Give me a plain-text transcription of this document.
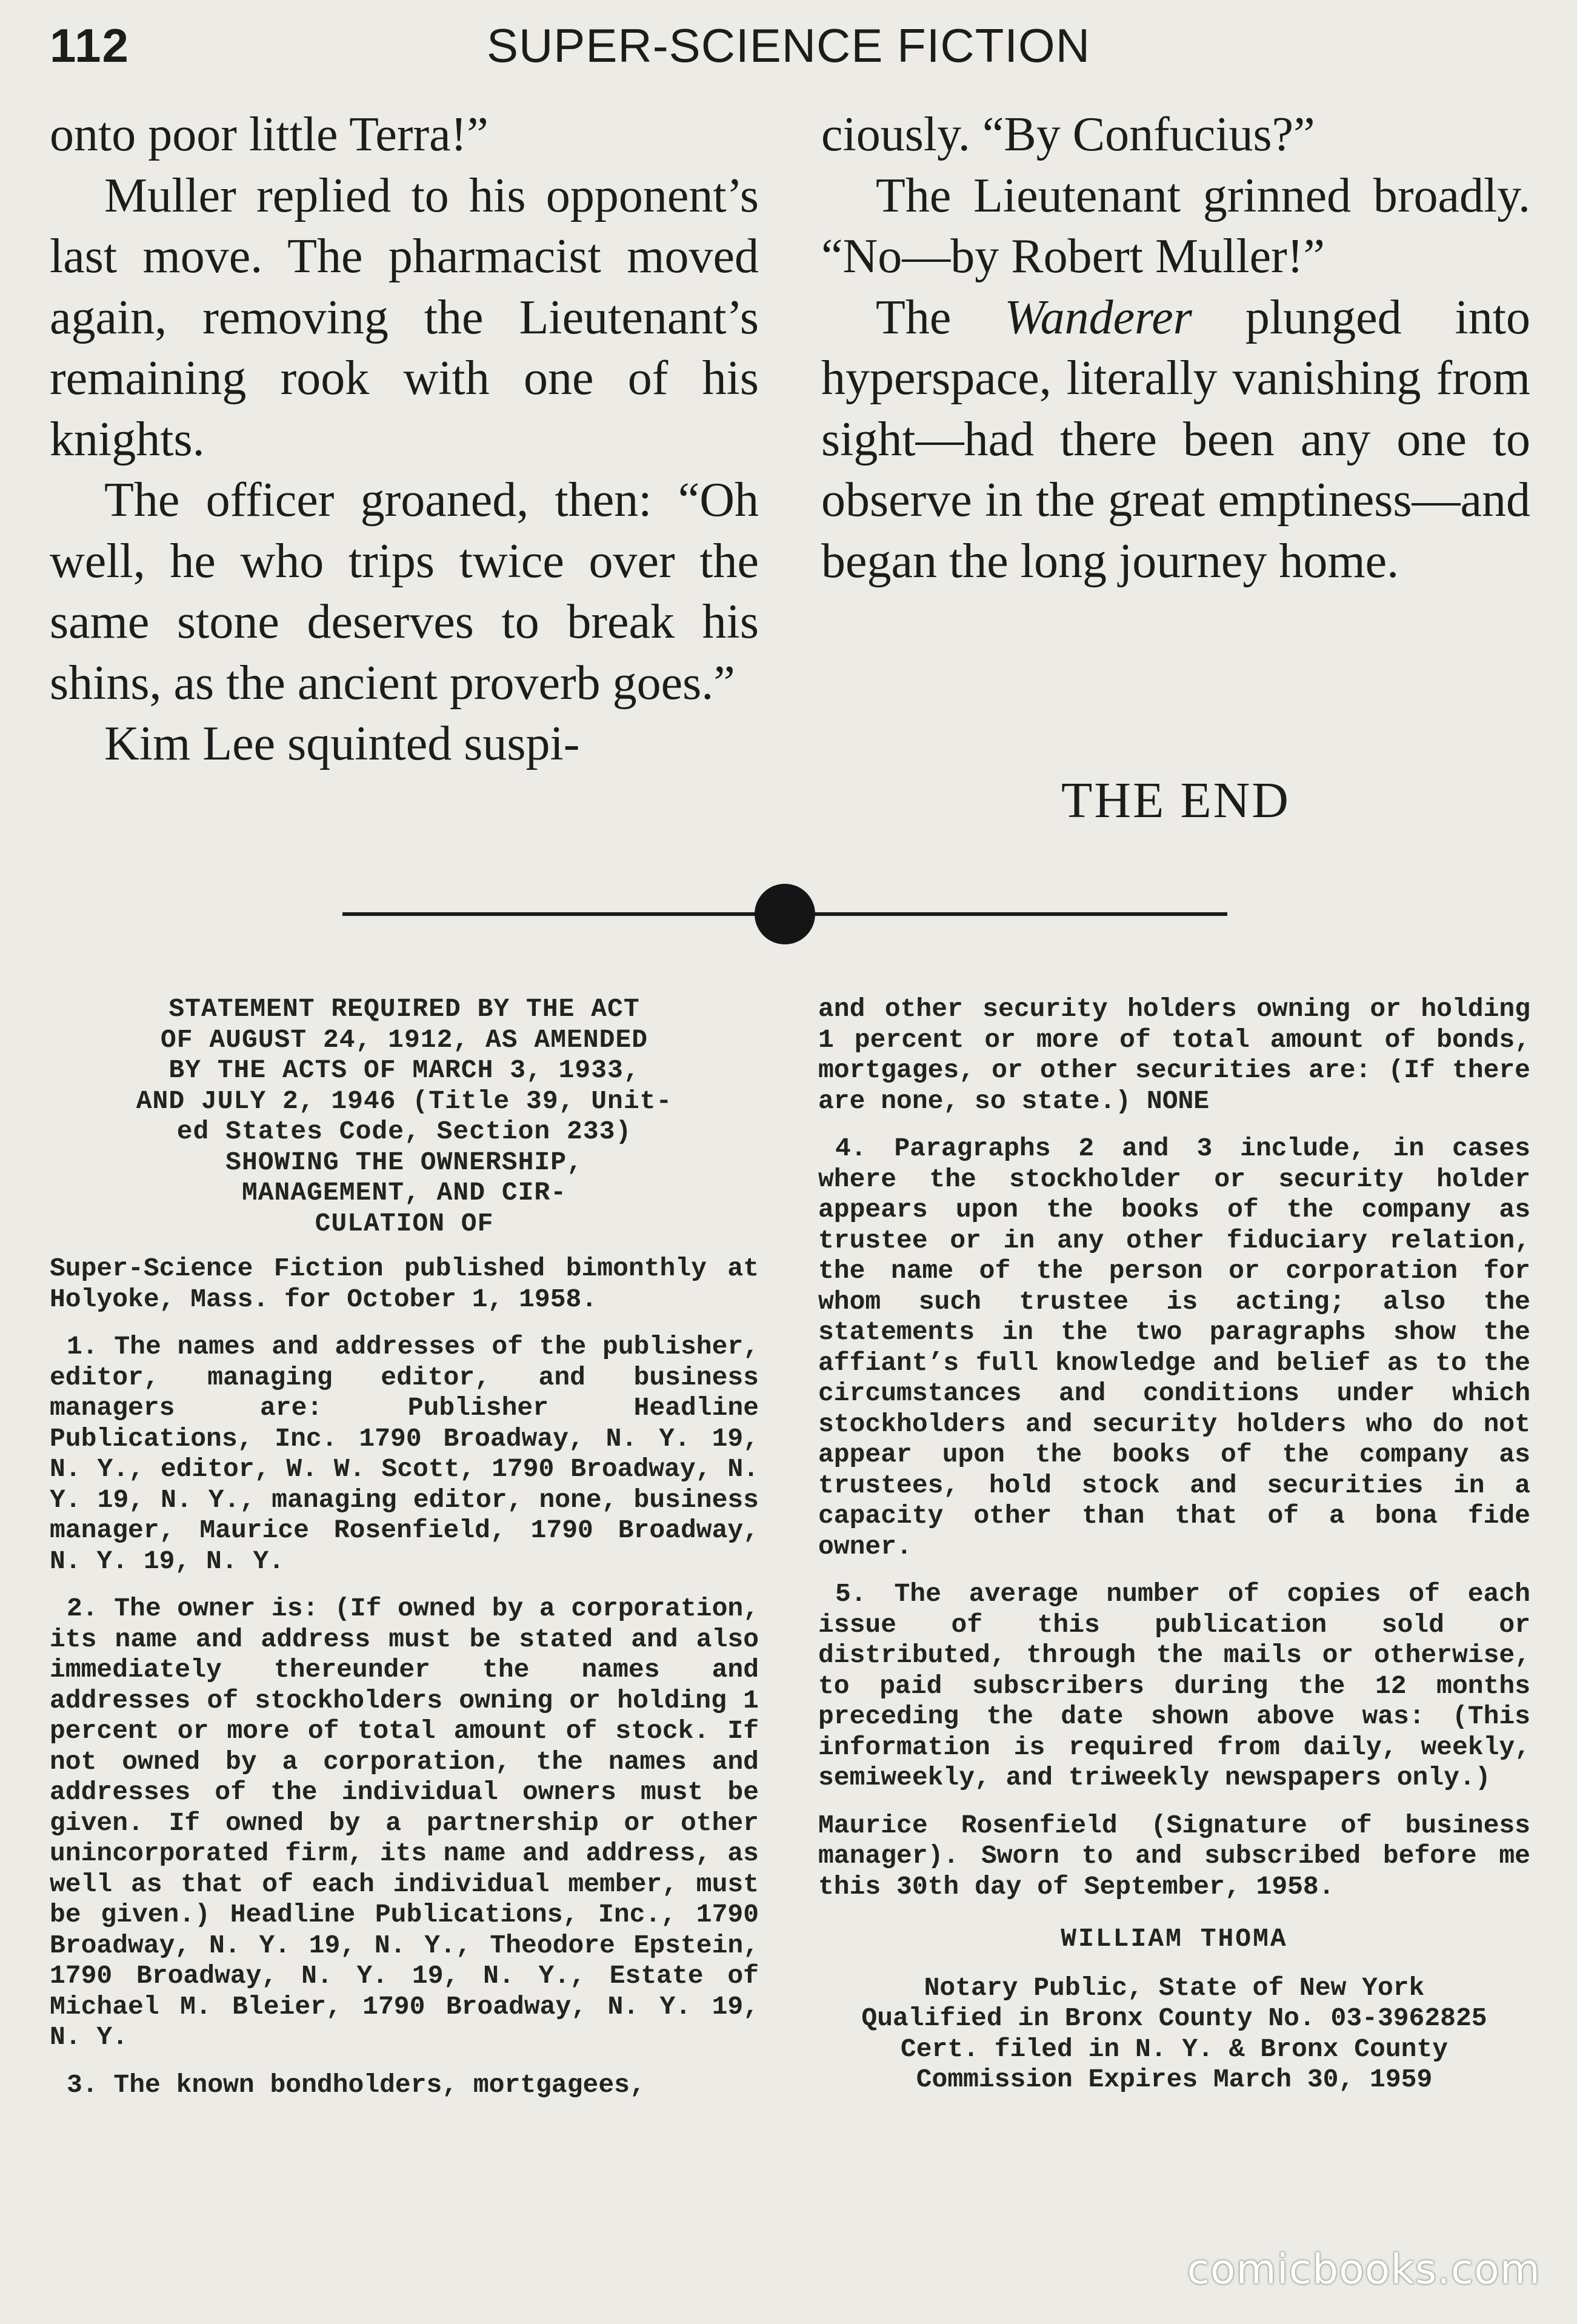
112	SUPER-SCIENCE FICTION

onto poor little Terra!”

Muller replied to his opponent’s last move. The pharmacist moved again, removing the Lieutenant’s remaining rook with one of his knights.

The officer groaned, then: “Oh well, he who trips twice over the same stone deserves to break his shins, as the ancient proverb goes.”

Kim Lee squinted suspi-

ciously. “By Confucius?”

The Lieutenant grinned broadly. “No—by Robert Muller!”

The Wanderer plunged into hyperspace, literally vanishing from sight—had there been any one to observe in the great emptiness—and began the long journey home.

THE END
STATEMENT REQUIRED BY THE ACT
OF AUGUST 24, 1912, AS AMENDED
BY THE ACTS OF MARCH 3, 1933,
AND JULY 2, 1946 (Title 39, Unit-
ed States Code, Section 233)
SHOWING THE OWNERSHIP,
MANAGEMENT, AND CIR-
CULATION OF

Super-Science Fiction published bimonthly at Holyoke, Mass. for October 1, 1958.

1. The names and addresses of the publisher, editor, managing editor, and business managers are: Publisher Headline Publications, Inc. 1790 Broadway, N. Y. 19, N. Y., editor, W. W. Scott, 1790 Broadway, N. Y. 19, N. Y., managing editor, none, business manager, Maurice Rosenfield, 1790 Broadway, N. Y. 19, N. Y.

2. The owner is: (If owned by a corporation, its name and address must be stated and also immediately thereunder the names and addresses of stockholders owning or holding 1 percent or more of total amount of stock. If not owned by a corporation, the names and addresses of the individual owners must be given. If owned by a partnership or other unincorporated firm, its name and address, as well as that of each individual member, must be given.) Headline Publications, Inc., 1790 Broadway, N. Y. 19, N. Y., Theodore Epstein, 1790 Broadway, N. Y. 19, N. Y., Estate of Michael M. Bleier, 1790 Broadway, N. Y. 19, N. Y.

3. The known bondholders, mortgagees,

and other security holders owning or holding 1 percent or more of total amount of bonds, mortgages, or other securities are: (If there are none, so state.) NONE

4. Paragraphs 2 and 3 include, in cases where the stockholder or security holder appears upon the books of the company as trustee or in any other fiduciary relation, the name of the person or corporation for whom such trustee is acting; also the statements in the two paragraphs show the affiant’s full knowledge and belief as to the circumstances and conditions under which stockholders and security holders who do not appear upon the books of the company as trustees, hold stock and securities in a capacity other than that of a bona fide owner.

5. The average number of copies of each issue of this publication sold or distributed, through the mails or otherwise, to paid subscribers during the 12 months preceding the date shown above was: (This information is required from daily, weekly, semiweekly, and triweekly newspapers only.)

Maurice Rosenfield (Signature of business manager). Sworn to and subscribed before me this 30th day of September, 1958.

WILLIAM THOMA
Notary Public, State of New York
Qualified in Bronx County No. 03-3962825
Cert. filed in N. Y. & Bronx County
Commission Expires March 30, 1959
comicbooks.com
